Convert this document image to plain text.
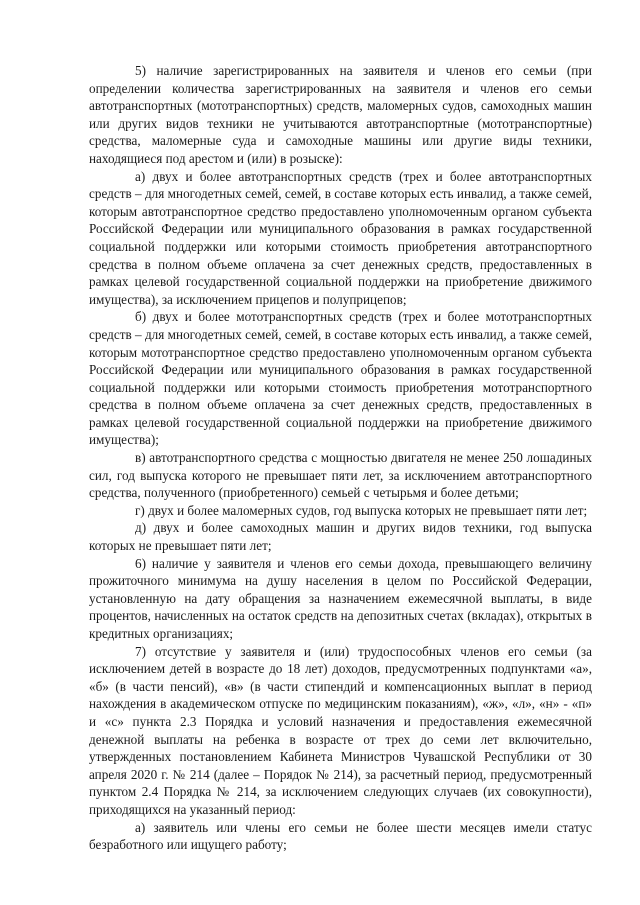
5) наличие зарегистрированных на заявителя и членов его семьи (при определении количества зарегистрированных на заявителя и членов его семьи автотранспортных (мототранспортных) средств, маломерных судов, самоходных машин или других видов техники не учитываются автотранспортные (мототранспортные) средства, маломерные суда и самоходные машины или другие виды техники, находящиеся под арестом и (или) в розыске):

а) двух и более автотранспортных средств (трех и более автотранспортных средств – для многодетных семей, семей, в составе которых есть инвалид, а также семей, которым автотранспортное средство предоставлено уполномоченным органом субъекта Российской Федерации или муниципального образования в рамках государственной социальной поддержки или которыми стоимость приобретения автотранспортного средства в полном объеме оплачена за счет денежных средств, предоставленных в рамках целевой государственной социальной поддержки на приобретение движимого имущества), за исключением прицепов и полуприцепов;

б) двух и более мототранспортных средств (трех и более мототранспортных средств – для многодетных семей, семей, в составе которых есть инвалид, а также семей, которым мототранспортное средство предоставлено уполномоченным органом субъекта Российской Федерации или муниципального образования в рамках государственной социальной поддержки или которыми стоимость приобретения мототранспортного средства в полном объеме оплачена за счет денежных средств, предоставленных в рамках целевой государственной социальной поддержки на приобретение движимого имущества);

в) автотранспортного средства с мощностью двигателя не менее 250 лошадиных сил, год выпуска которого не превышает пяти лет, за исключением автотранспортного средства, полученного (приобретенного) семьей с четырьмя и более детьми;

г) двух и более маломерных судов, год выпуска которых не превышает пяти лет;

д) двух и более самоходных машин и других видов техники, год выпуска которых не превышает пяти лет;

6) наличие у заявителя и членов его семьи дохода, превышающего величину прожиточного минимума на душу населения в целом по Российской Федерации, установленную на дату обращения за назначением ежемесячной выплаты, в виде процентов, начисленных на остаток средств на депозитных счетах (вкладах), открытых в кредитных организациях;

7) отсутствие у заявителя и (или) трудоспособных членов его семьи (за исключением детей в возрасте до 18 лет) доходов, предусмотренных подпунктами «а», «б» (в части пенсий), «в» (в части стипендий и компенсационных выплат в период нахождения в академическом отпуске по медицинским показаниям), «ж», «л», «н» - «п» и «с» пункта 2.3 Порядка и условий назначения и предоставления ежемесячной денежной выплаты на ребенка в возрасте от трех до семи лет включительно, утвержденных постановлением Кабинета Министров Чувашской Республики от 30 апреля 2020 г. № 214 (далее – Порядок № 214), за расчетный период, предусмотренный пунктом 2.4 Порядка № 214, за исключением следующих случаев (их совокупности), приходящихся на указанный период:

а) заявитель или члены его семьи не более шести месяцев имели статус безработного или ищущего работу;
